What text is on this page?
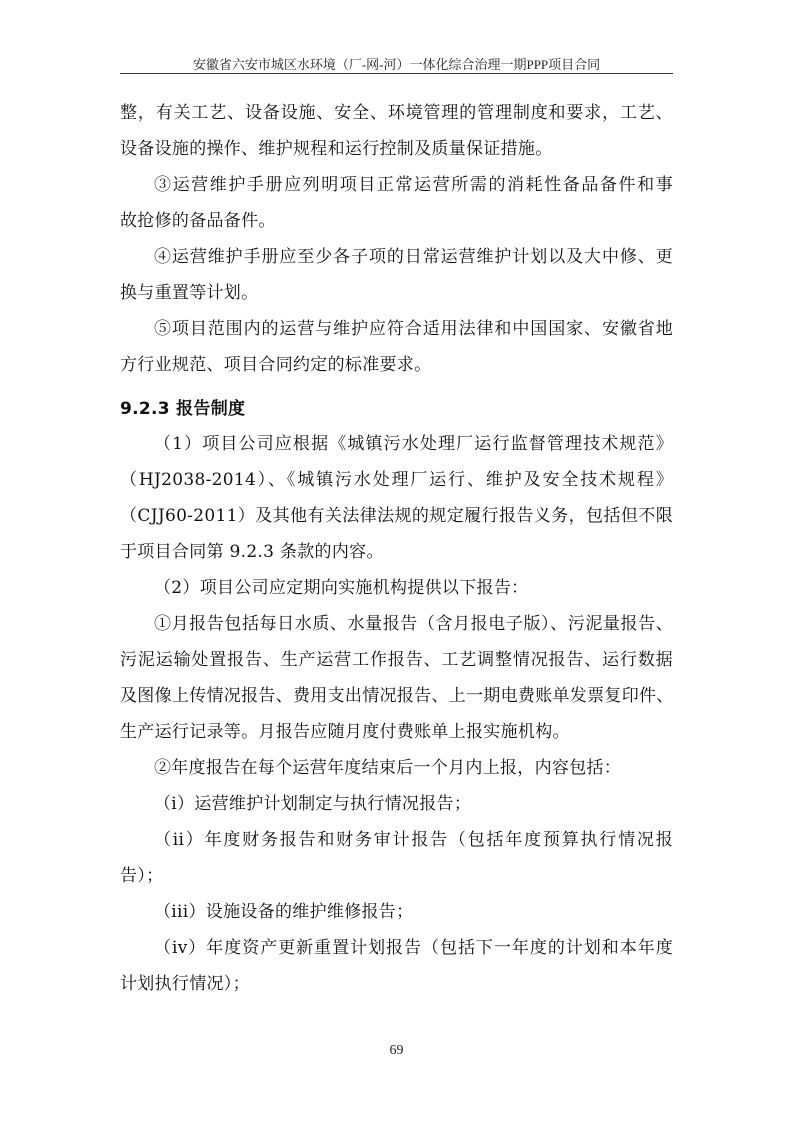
安徽省六安市城区水环境（厂-网-河）一体化综合治理一期PPP项目合同
整，有关工艺、设备设施、安全、环境管理的管理制度和要求，工艺、
设备设施的操作、维护规程和运行控制及质量保证措施。
③运营维护手册应列明项目正常运营所需的消耗性备品备件和事
故抢修的备品备件。
④运营维护手册应至少各子项的日常运营维护计划以及大中修、更
换与重置等计划。
⑤项目范围内的运营与维护应符合适用法律和中国国家、安徽省地
方行业规范、项目合同约定的标准要求。
9.2.3 报告制度
（1）项目公司应根据《城镇污水处理厂运行监督管理技术规范》
（HJ2038-2014）、《城镇污水处理厂运行、维护及安全技术规程》
（CJJ60-2011）及其他有关法律法规的规定履行报告义务，包括但不限
于项目合同第 9.2.3 条款的内容。
（2）项目公司应定期向实施机构提供以下报告：
①月报告包括每日水质、水量报告（含月报电子版）、污泥量报告、
污泥运输处置报告、生产运营工作报告、工艺调整情况报告、运行数据
及图像上传情况报告、费用支出情况报告、上一期电费账单发票复印件、
生产运行记录等。月报告应随月度付费账单上报实施机构。
②年度报告在每个运营年度结束后一个月内上报，内容包括：
（i）运营维护计划制定与执行情况报告；
（ii）年度财务报告和财务审计报告（包括年度预算执行情况报
告）；
（iii）设施设备的维护维修报告；
（iv）年度资产更新重置计划报告（包括下一年度的计划和本年度
计划执行情况）；
69
